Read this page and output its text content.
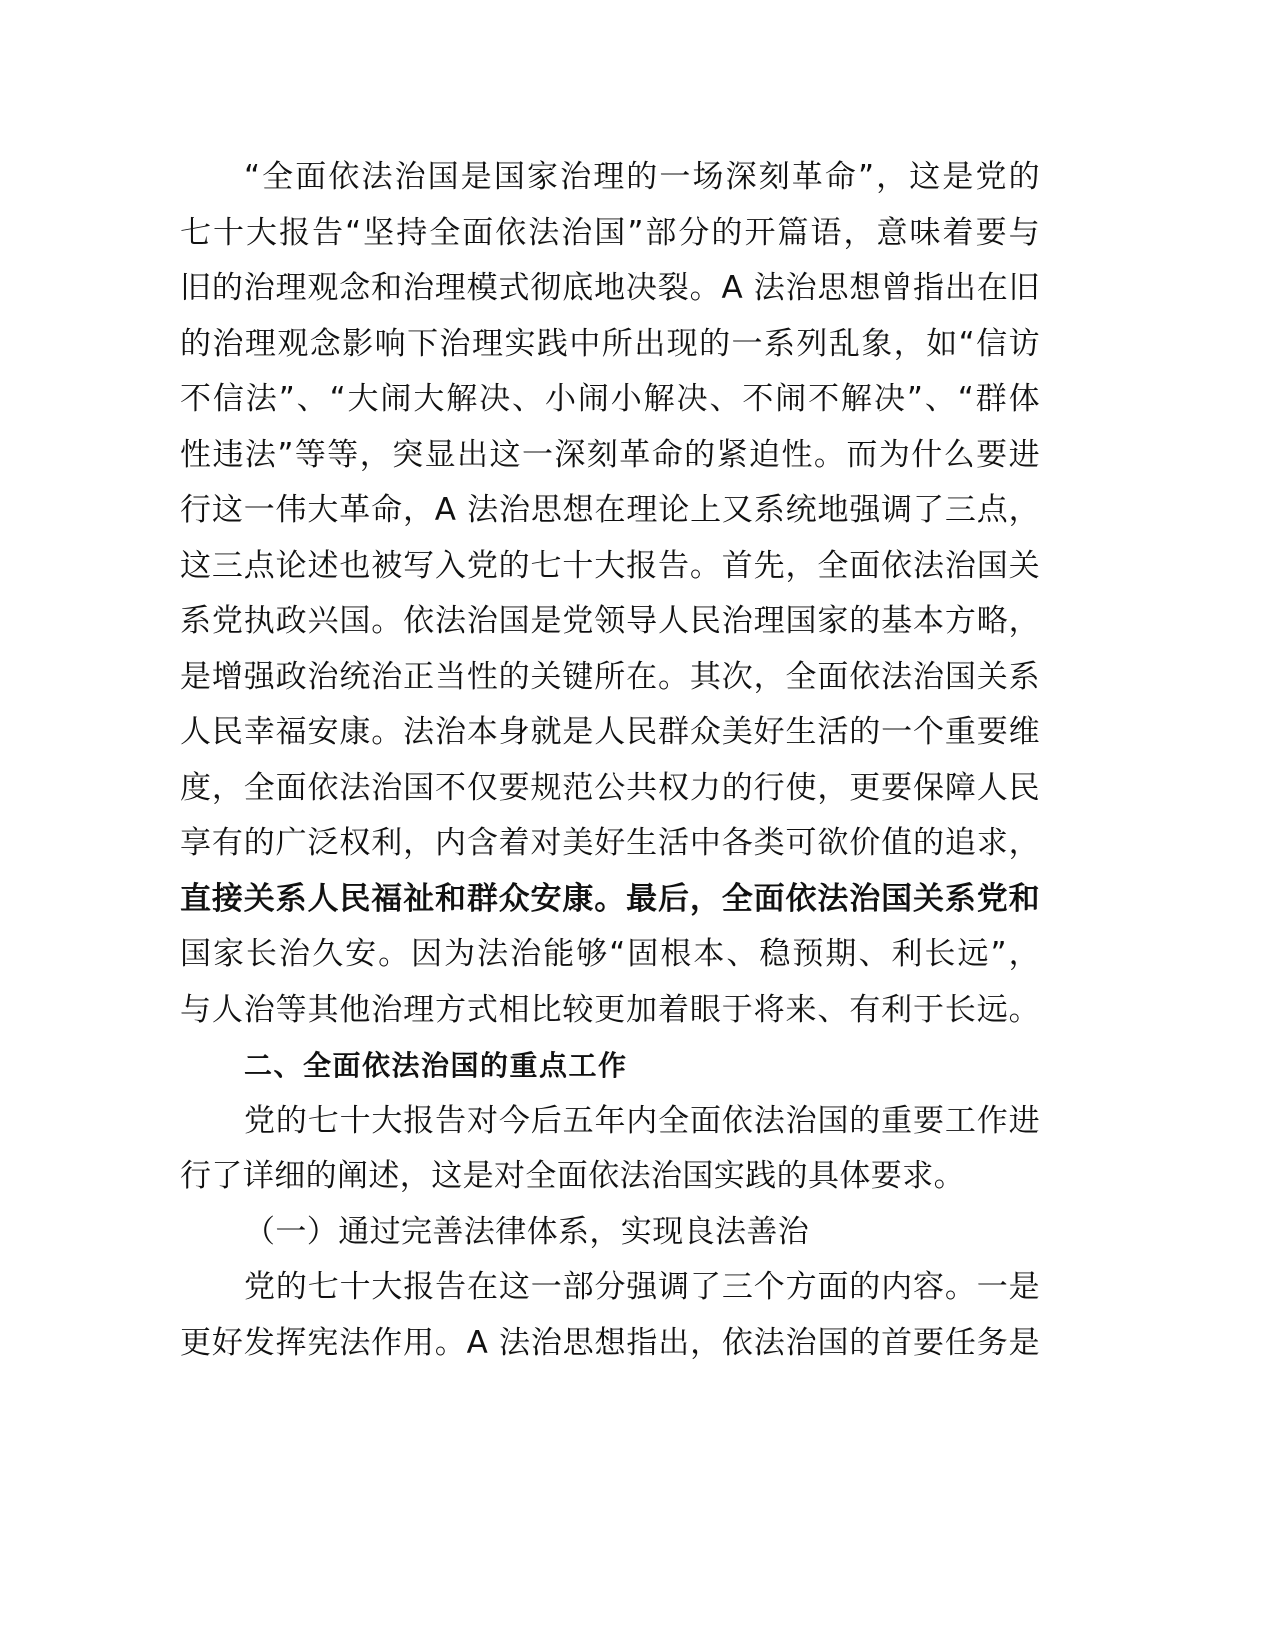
“全面依法治国是国家治理的一场深刻革命”，这是党的
七十大报告“坚持全面依法治国”部分的开篇语，意味着要与
旧的治理观念和治理模式彻底地决裂。A 法治思想曾指出在旧
的治理观念影响下治理实践中所出现的一系列乱象，如“信访
不信法”、“大闹大解决、小闹小解决、不闹不解决”、“群体
性违法”等等，突显出这一深刻革命的紧迫性。而为什么要进
行这一伟大革命，A 法治思想在理论上又系统地强调了三点，
这三点论述也被写入党的七十大报告。首先，全面依法治国关
系党执政兴国。依法治国是党领导人民治理国家的基本方略，
是增强政治统治正当性的关键所在。其次，全面依法治国关系
人民幸福安康。法治本身就是人民群众美好生活的一个重要维
度，全面依法治国不仅要规范公共权力的行使，更要保障人民
享有的广泛权利，内含着对美好生活中各类可欲价值的追求，
直接关系人民福祉和群众安康。最后，全面依法治国关系党和
国家长治久安。因为法治能够“固根本、稳预期、利长远”，
与人治等其他治理方式相比较更加着眼于将来、有利于长远。
二、全面依法治国的重点工作
党的七十大报告对今后五年内全面依法治国的重要工作进
行了详细的阐述，这是对全面依法治国实践的具体要求。
（一）通过完善法律体系，实现良法善治
党的七十大报告在这一部分强调了三个方面的内容。一是
更好发挥宪法作用。A 法治思想指出，依法治国的首要任务是
